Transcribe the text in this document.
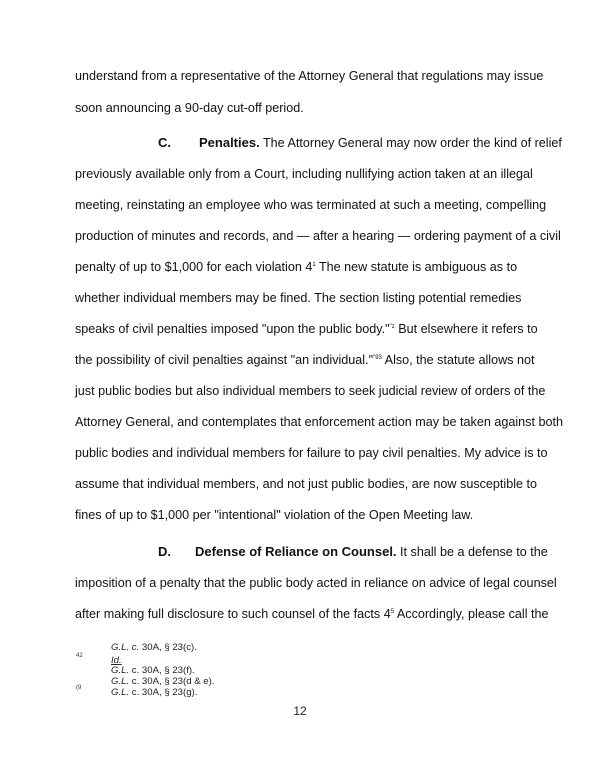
understand from a representative of the Attorney General that regulations may issue
soon announcing a 90-day cut-off period.
C. Penalties. The Attorney General may now order the kind of relief
previously available only from a Court, including nullifying action taken at an illegal
meeting, reinstating an employee who was terminated at such a meeting, compelling
production of minutes and records, and — after a hearing — ordering payment of a civil
penalty of up to $1,000 for each violation $4^1$ The new statute is ambiguous as to
whether individual members may be fined. The section listing potential remedies
speaks of civil penalties imposed "upon the public body."$^{"z}$ But elsewhere it refers to
the possibility of civil penalties against "an individual."$^{"93}$ Also, the statute allows not
just public bodies but also individual members to seek judicial review of orders of the
Attorney General, and contemplates that enforcement action may be taken against both
public bodies and individual members for failure to pay civil penalties. My advice is to
assume that individual members, and not just public bodies, are now susceptible to
fines of up to $1,000 per "intentional" violation of the Open Meeting law.
D. Defense of Reliance on Counsel. It shall be a defense to the
imposition of a penalty that the public body acted in reliance on advice of legal counsel
after making full disclosure to such counsel of the facts $4^5$ Accordingly, please call the
G.L. c. 30A, § 23(c).
42	Id.
G.L. c. 30A, § 23(f).
G.L. c. 30A, § 23(d & e).
(9	G.L. c. 30A, § 23(g).
12
